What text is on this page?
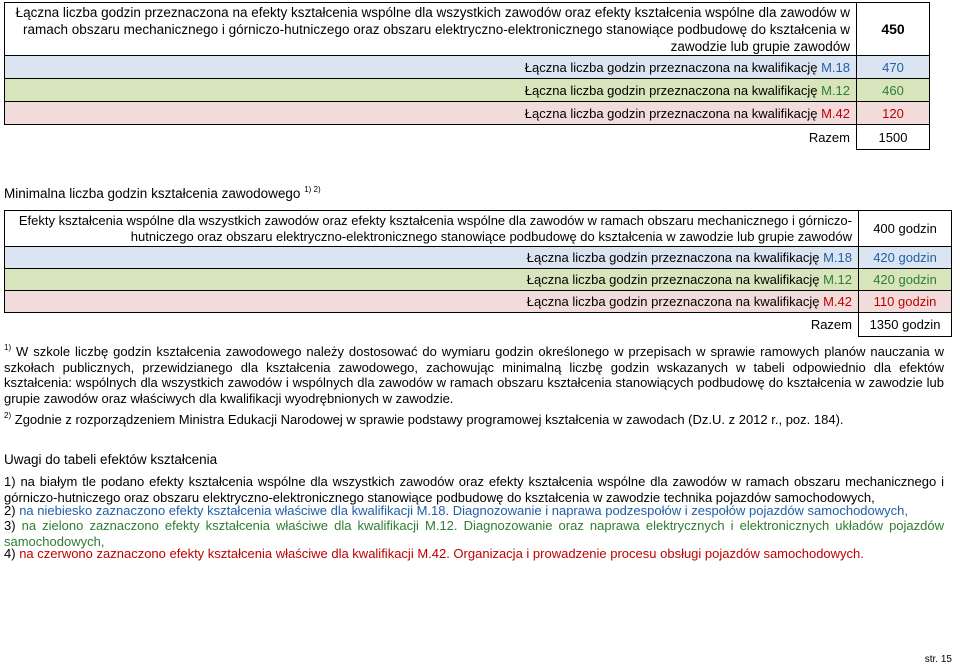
Łączna liczba godzin przeznaczona na efekty kształcenia wspólne dla wszystkich zawodów oraz efekty kształcenia wspólne dla zawodów w ramach obszaru mechanicznego i górniczo-hutniczego oraz obszaru elektryczno-elektronicznego stanowiące podbudowę do kształcenia w zawodzie lub grupie zawodów	450
Łączna liczba godzin przeznaczona na kwalifikację M.18	470
Łączna liczba godzin przeznaczona na kwalifikację M.12	460
Łączna liczba godzin przeznaczona na kwalifikację M.42	120
Razem	1500
Minimalna liczba godzin kształcenia zawodowego $^{1) 2)}$
Efekty kształcenia wspólne dla wszystkich zawodów oraz efekty kształcenia wspólne dla zawodów w ramach obszaru mechanicznego i górniczo-hutniczego oraz obszaru elektryczno-elektronicznego stanowiące podbudowę do kształcenia w zawodzie lub grupie zawodów	400 godzin
Łączna liczba godzin przeznaczona na kwalifikację M.18	420 godzin
Łączna liczba godzin przeznaczona na kwalifikację M.12	420 godzin
Łączna liczba godzin przeznaczona na kwalifikację M.42	110 godzin
Razem	1350 godzin
$^{1)}$ W szkole liczbę godzin kształcenia zawodowego należy dostosować do wymiaru godzin określonego w przepisach w sprawie ramowych planów nauczania w szkołach publicznych, przewidzianego dla kształcenia zawodowego, zachowując minimalną liczbę godzin wskazanych w tabeli odpowiednio dla efektów kształcenia: wspólnych dla wszystkich zawodów i wspólnych dla zawodów w ramach obszaru kształcenia stanowiących podbudowę do kształcenia w zawodzie lub grupie zawodów oraz właściwych dla kwalifikacji wyodrębnionych w zawodzie.
$^{2)}$ Zgodnie z rozporządzeniem Ministra Edukacji Narodowej w sprawie podstawy programowej kształcenia w zawodach (Dz.U. z 2012 r., poz. 184).
Uwagi do tabeli efektów kształcenia
1) na białym tle podano efekty kształcenia wspólne dla wszystkich zawodów oraz efekty kształcenia wspólne dla zawodów w ramach obszaru mechanicznego i górniczo-hutniczego oraz obszaru elektryczno-elektronicznego stanowiące podbudowę do kształcenia w zawodzie technika pojazdów samochodowych,
2) na niebiesko zaznaczono efekty kształcenia właściwe dla kwalifikacji M.18. Diagnozowanie i naprawa podzespołów i zespołów pojazdów samochodowych,
3) na zielono zaznaczono efekty kształcenia właściwe dla kwalifikacji M.12. Diagnozowanie oraz naprawa elektrycznych i elektronicznych układów pojazdów samochodowych,
4) na czerwono zaznaczono efekty kształcenia właściwe dla kwalifikacji M.42. Organizacja i prowadzenie procesu obsługi pojazdów samochodowych.
str. 15
